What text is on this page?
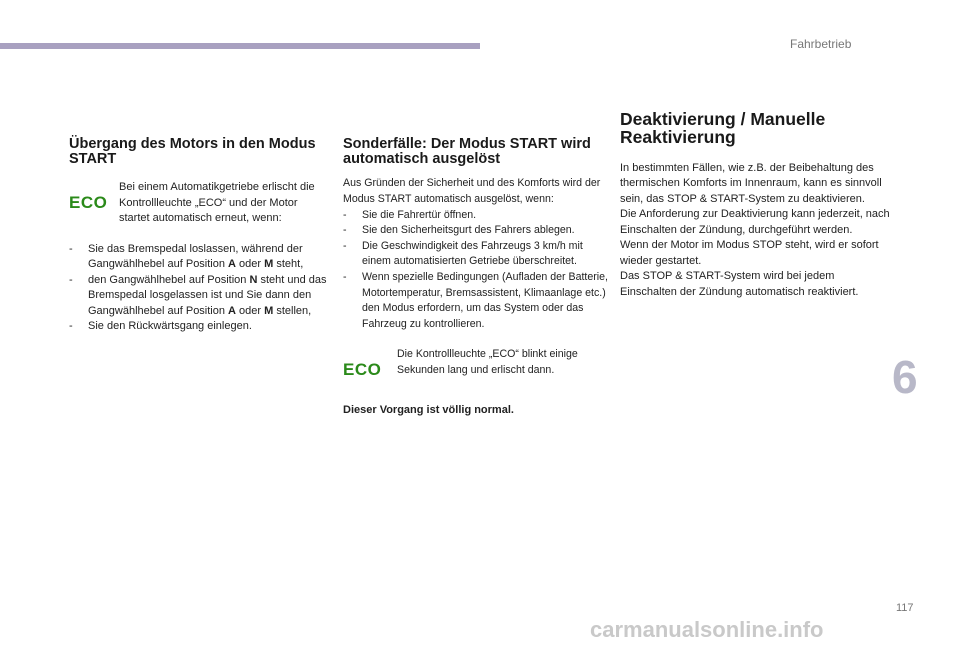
Fahrbetrieb
Übergang des Motors in den Modus START
ECO
Bei einem Automatikgetriebe erlischt die Kontrollleuchte „ECO“ und der Motor startet automatisch erneut, wenn:
- Sie das Bremspedal loslassen, während der Gangwählhebel auf Position A oder M steht,
- den Gangwählhebel auf Position N steht und das Bremspedal losgelassen ist und Sie dann den Gangwählhebel auf Position A oder M stellen,
- Sie den Rückwärtsgang einlegen.
Sonderfälle: Der Modus START wird automatisch ausgelöst
Aus Gründen der Sicherheit und des Komforts wird der Modus START automatisch ausgelöst, wenn:
- Sie die Fahrertür öffnen.
- Sie den Sicherheitsgurt des Fahrers ablegen.
- Die Geschwindigkeit des Fahrzeugs 3 km/h mit einem automatisierten Getriebe überschreitet.
- Wenn spezielle Bedingungen (Aufladen der Batterie, Motortemperatur, Bremsassistent, Klimaanlage etc.) den Modus erfordern, um das System oder das Fahrzeug zu kontrollieren.
ECO
Die Kontrollleuchte „ECO“ blinkt einige Sekunden lang und erlischt dann.
Dieser Vorgang ist völlig normal.
Deaktivierung / Manuelle Reaktivierung
In bestimmten Fällen, wie z.B. der Beibehaltung des thermischen Komforts im Innenraum, kann es sinnvoll sein, das STOP & START-System zu deaktivieren.
Die Anforderung zur Deaktivierung kann jederzeit, nach Einschalten der Zündung, durchgeführt werden.
Wenn der Motor im Modus STOP steht, wird er sofort wieder gestartet.
Das STOP & START-System wird bei jedem Einschalten der Zündung automatisch reaktiviert.
6
117
carmanualsonline.info
